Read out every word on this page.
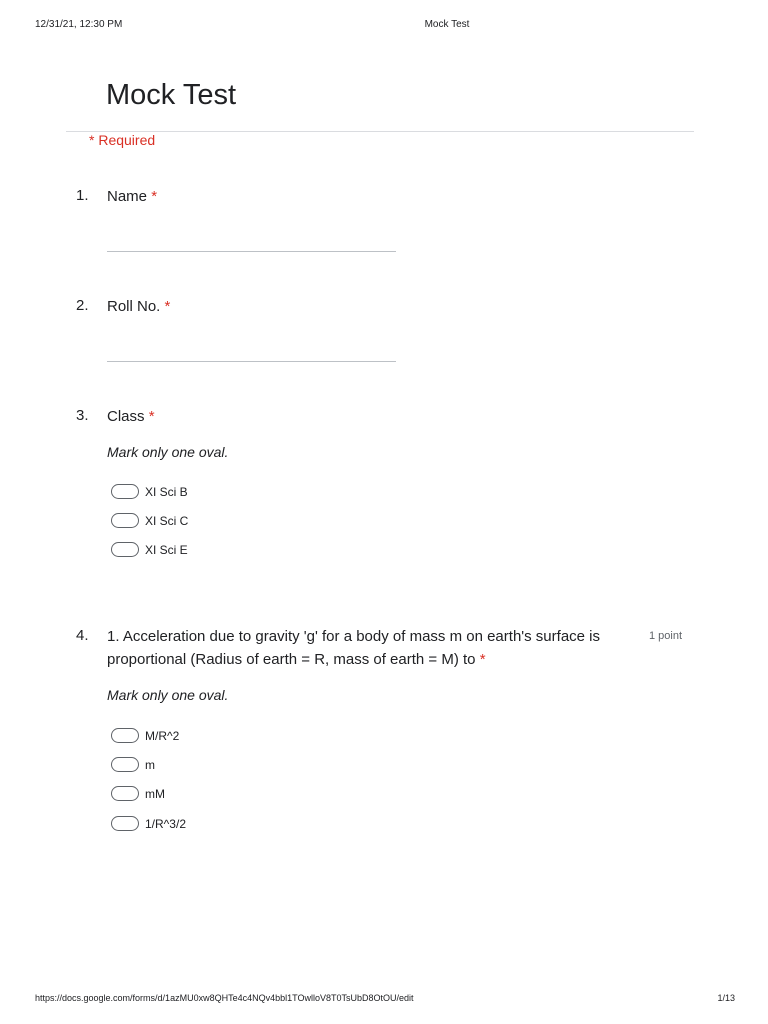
12/31/21, 12:30 PM	Mock Test
Mock Test
* Required
1. Name *
2. Roll No. *
3. Class *
Mark only one oval.
XI Sci B
XI Sci C
XI Sci E
4. 1. Acceleration due to gravity 'g' for a body of mass m on earth's surface is
proportional (Radius of earth = R, mass of earth = M) to *
1 point
Mark only one oval.
M/R^2
m
mM
1/R^3/2
https://docs.google.com/forms/d/1azMU0xw8QHTe4c4NQv4bbl1TOwlloV8T0TsUbD8OtOU/edit	1/13
